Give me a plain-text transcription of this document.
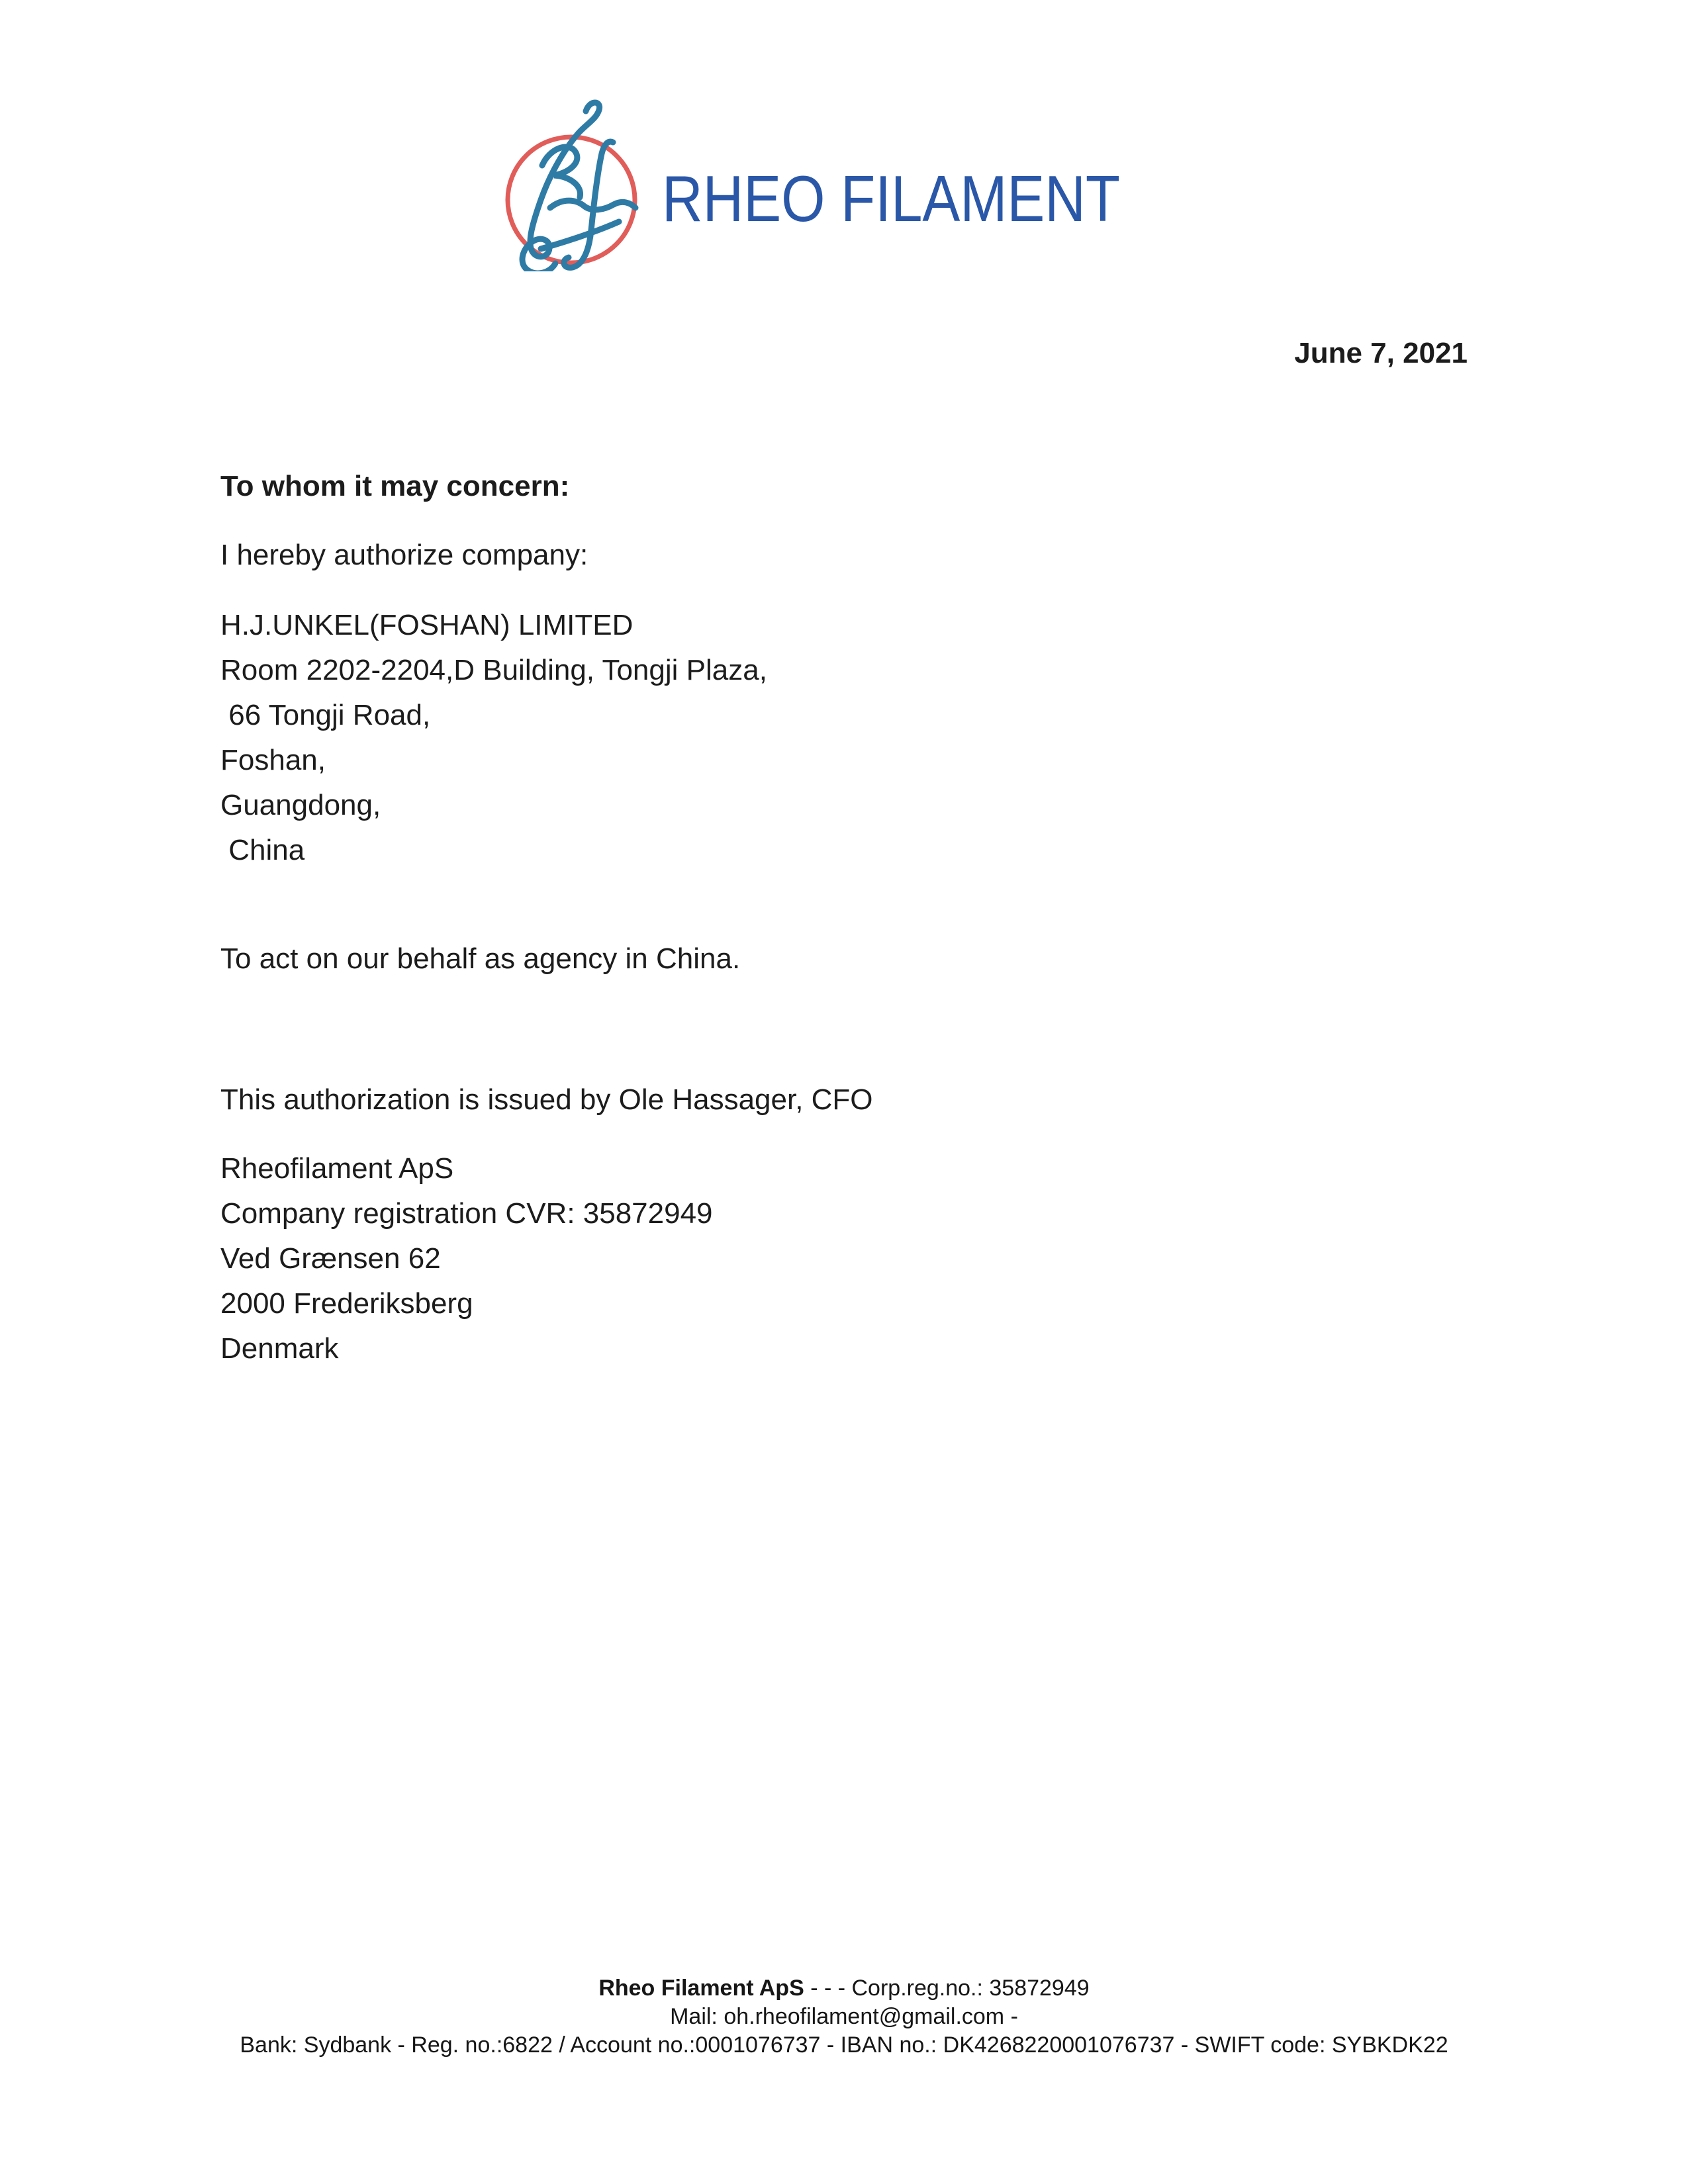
RHEO FILAMENT
June 7, 2021
To whom it may concern:
I hereby authorize company:
H.J.UNKEL(FOSHAN) LIMITED
Room 2202-2204,D Building, Tongji Plaza,
66 Tongji Road,
Foshan,
Guangdong,
China
To act on our behalf as agency in China.
This authorization is issued by Ole Hassager, CFO
Rheofilament ApS
Company registration CVR: 35872949
Ved Grænsen 62
2000 Frederiksberg
Denmark
Rheo Filament ApS - - - Corp.reg.no.: 35872949
Mail: oh.rheofilament@gmail.com -
Bank: Sydbank - Reg. no.:6822 / Account no.:0001076737 - IBAN no.: DK4268220001076737 - SWIFT code: SYBKDK22
